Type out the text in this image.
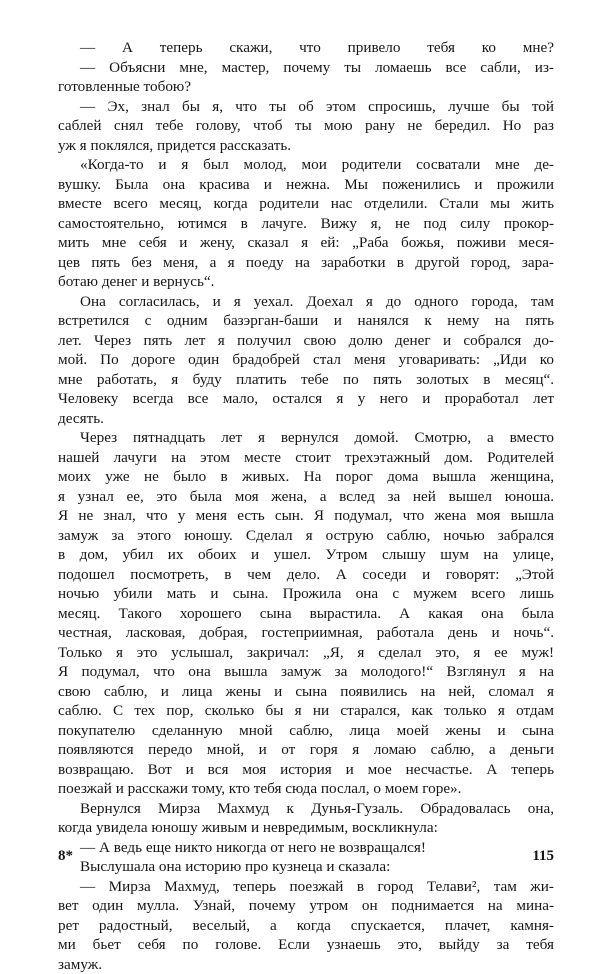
— А теперь скажи, что привело тебя ко мне?
— Объясни мне, мастер, почему ты ломаешь все сабли, из-
готовленные тобою?
— Эх, знал бы я, что ты об этом спросишь, лучше бы той
саблей снял тебе голову, чтоб ты мою рану не бередил. Но раз
уж я поклялся, придется рассказать.
«Когда-то и я был молод, мои родители сосватали мне де-
вушку. Была она красива и нежна. Мы поженились и прожили
вместе всего месяц, когда родители нас отделили. Стали мы жить
самостоятельно, ютимся в лачуге. Вижу я, не под силу прокор-
мить мне себя и жену, сказал я ей: „Раба божья, поживи меся-
цев пять без меня, а я поеду на заработки в другой город, зара-
ботаю денег и вернусь“.
Она согласилась, и я уехал. Доехал я до одного города, там
встретился с одним базэрган-баши и нанялся к нему на пять
лет. Через пять лет я получил свою долю денег и собрался до-
мой. По дороге один брадобрей стал меня уговаривать: „Иди ко
мне работать, я буду платить тебе по пять золотых в месяц“.
Человеку всегда все мало, остался я у него и проработал лет
десять.
Через пятнадцать лет я вернулся домой. Смотрю, а вместо
нашей лачуги на этом месте стоит трехэтажный дом. Родителей
моих уже не было в живых. На порог дома вышла женщина,
я узнал ее, это была моя жена, а вслед за ней вышел юноша.
Я не знал, что у меня есть сын. Я подумал, что жена моя вышла
замуж за этого юношу. Сделал я острую саблю, ночью забрался
в дом, убил их обоих и ушел. Утром слышу шум на улице,
подошел посмотреть, в чем дело. А соседи и говорят: „Этой
ночью убили мать и сына. Прожила она с мужем всего лишь
месяц. Такого хорошего сына вырастила. А какая она была
честная, ласковая, добрая, гостеприимная, работала день и ночь“.
Только я это услышал, закричал: „Я, я сделал это, я ее муж!
Я подумал, что она вышла замуж за молодого!“ Взглянул я на
свою саблю, и лица жены и сына появились на ней, сломал я
саблю. С тех пор, сколько бы я ни старался, как только я отдам
покупателю сделанную мной саблю, лица моей жены и сына
появляются передо мной, и от горя я ломаю саблю, а деньги
возвращаю. Вот и вся моя история и мое несчастье. А теперь
поезжай и расскажи тому, кто тебя сюда послал, о моем горе».
Вернулся Мирза Махмуд к Дунья-Гузаль. Обрадовалась она,
когда увидела юношу живым и невредимым, воскликнула:
— А ведь еще никто никогда от него не возвращался!
Выслушала она историю про кузнеца и сказала:
— Мирза Махмуд, теперь поезжай в город Телави², там жи-
вет один мулла. Узнай, почему утром он поднимается на мина-
рет радостный, веселый, а когда спускается, плачет, камня-
ми бьет себя по голове. Если узнаешь это, выйду за тебя
замуж.
8*	115
